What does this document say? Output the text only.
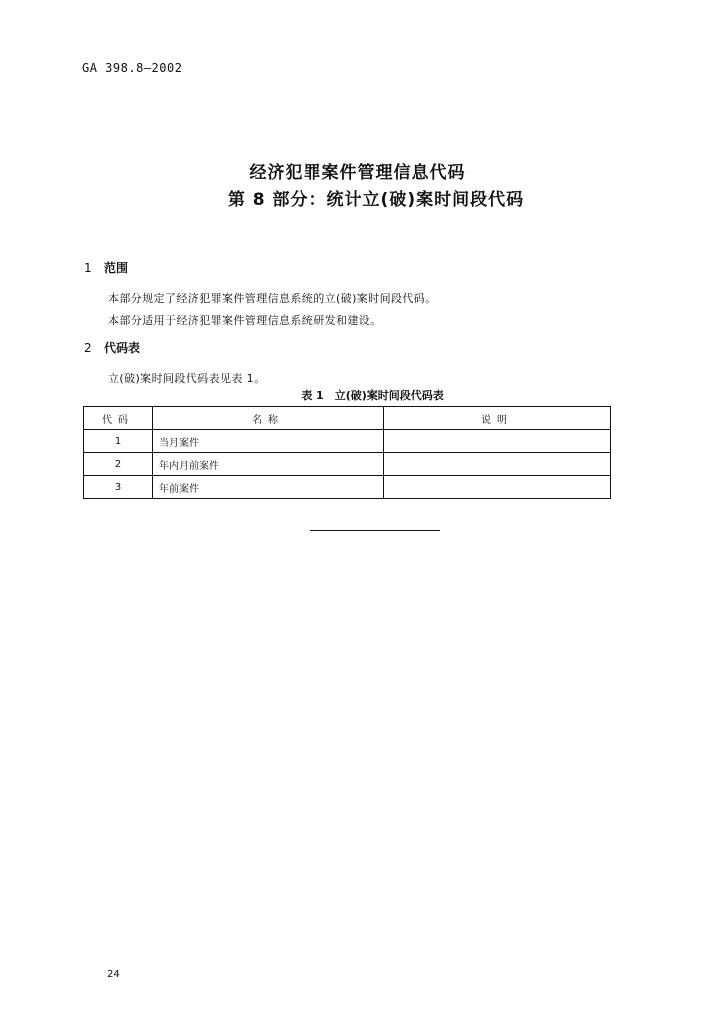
GA 398.8—2002
经济犯罪案件管理信息代码
第 8 部分：统计立(破)案时间段代码
1 范围
本部分规定了经济犯罪案件管理信息系统的立(破)案时间段代码。
本部分适用于经济犯罪案件管理信息系统研发和建设。
2 代码表
立(破)案时间段代码表见表 1。
表 1　立(破)案时间段代码表
代码	名称	说明
1	当月案件	
2	年内月前案件	
3	年前案件	
24
